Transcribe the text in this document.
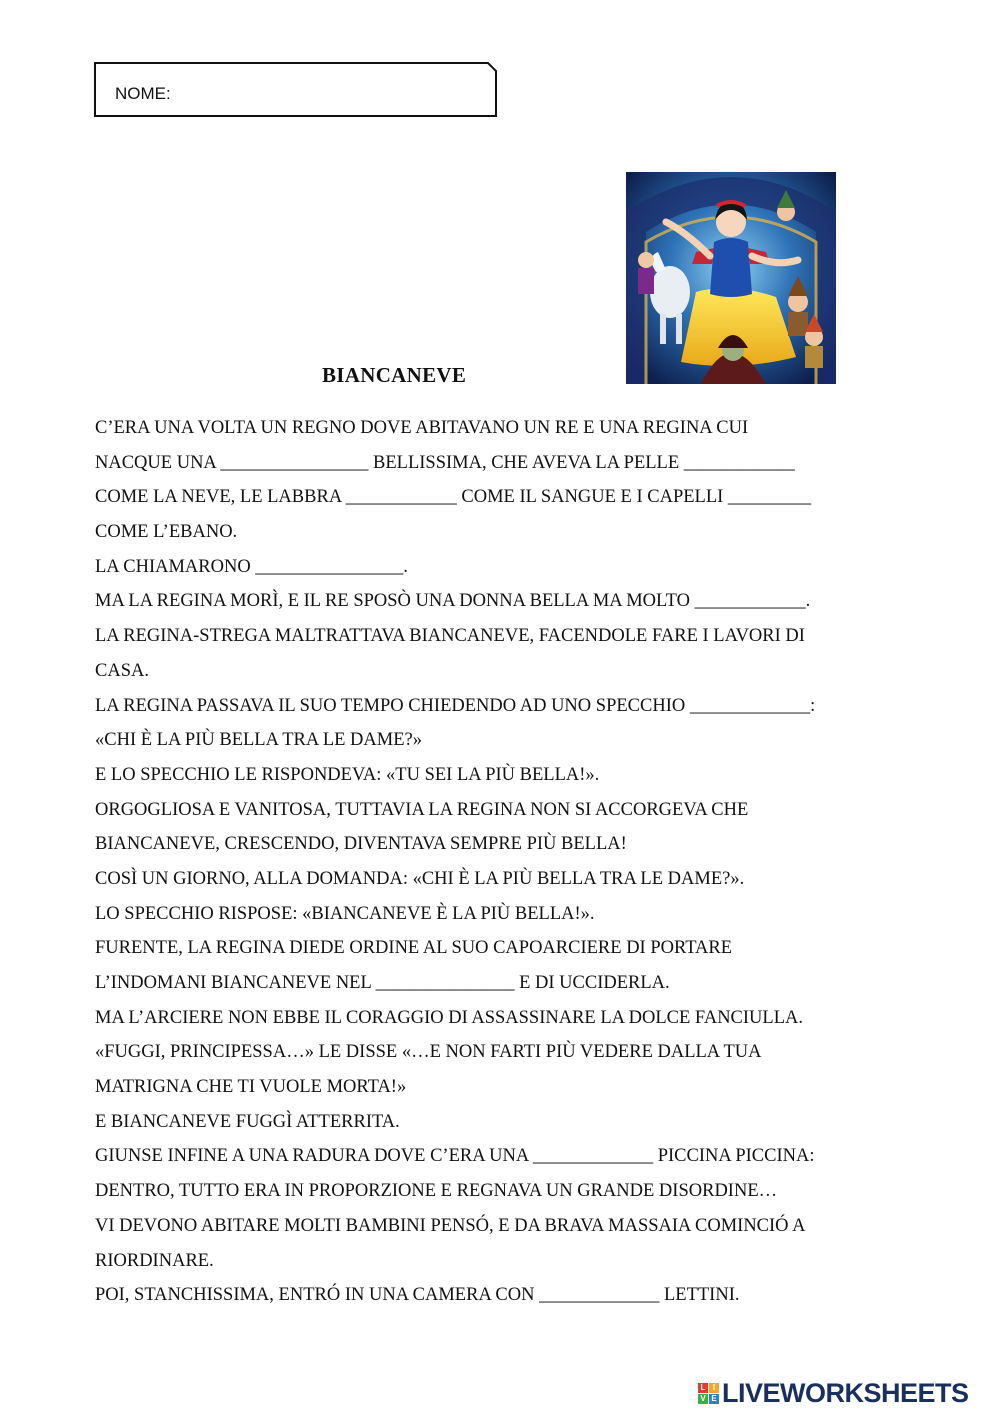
NOME:
BIANCANEVE
C’ERA UNA VOLTA UN REGNO DOVE ABITAVANO UN RE E UNA REGINA CUI
NACQUE UNA ________________ BELLISSIMA, CHE AVEVA LA PELLE ____________
COME LA NEVE, LE LABBRA ____________ COME IL SANGUE E I CAPELLI _________
COME L’EBANO.
LA CHIAMARONO ________________.
MA LA REGINA MORÌ, E IL RE SPOSÒ UNA DONNA BELLA MA MOLTO ____________.
LA REGINA-STREGA MALTRATTAVA BIANCANEVE, FACENDOLE FARE I LAVORI DI
CASA.
LA REGINA PASSAVA IL SUO TEMPO CHIEDENDO AD UNO SPECCHIO _____________:
«CHI È LA PIÙ BELLA TRA LE DAME?»
E LO SPECCHIO LE RISPONDEVA: «TU SEI LA PIÙ BELLA!».
ORGOGLIOSA E VANITOSA, TUTTAVIA LA REGINA NON SI ACCORGEVA CHE
BIANCANEVE, CRESCENDO, DIVENTAVA SEMPRE PIÙ BELLA!
COSÌ UN GIORNO, ALLA DOMANDA: «CHI È LA PIÙ BELLA TRA LE DAME?».
LO SPECCHIO RISPOSE: «BIANCANEVE È LA PIÙ BELLA!».
FURENTE, LA REGINA DIEDE ORDINE AL SUO CAPOARCIERE DI PORTARE
L’INDOMANI BIANCANEVE NEL _______________ E DI UCCIDERLA.
MA L’ARCIERE NON EBBE IL CORAGGIO DI ASSASSINARE LA DOLCE FANCIULLA.
«FUGGI, PRINCIPESSA…» LE DISSE «…E NON FARTI PIÙ VEDERE DALLA TUA
MATRIGNA CHE TI VUOLE MORTA!»
E BIANCANEVE FUGGÌ ATTERRITA.
GIUNSE INFINE A UNA RADURA DOVE C’ERA UNA _____________ PICCINA PICCINA:
DENTRO, TUTTO ERA IN PROPORZIONE E REGNAVA UN GRANDE DISORDINE…
VI DEVONO ABITARE MOLTI BAMBINI PENSÓ, E DA BRAVA MASSAIA COMINCIÓ A
RIORDINARE.
POI, STANCHISSIMA, ENTRÓ IN UNA CAMERA CON _____________ LETTINI.
L I
V E LIVEWORKSHEETS
